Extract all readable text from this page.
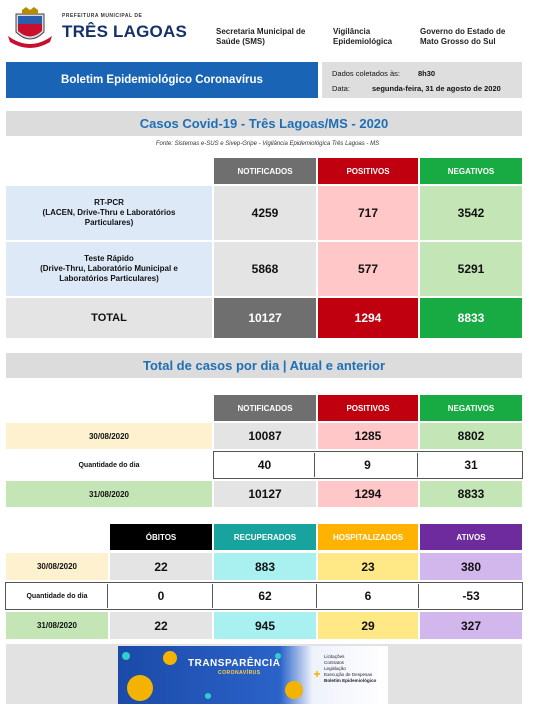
PREFEITURA MUNICIPAL DE
TRÊS LAGOAS	Secretaria Municipal de
Saúde (SMS)
Vigilância
Epidemiológica
Governo do Estado de
Mato Grosso do Sul
Boletim Epidemiológico Coronavírus
Dados coletados às: 8h30
Data:	segunda-feira, 31 de agosto de 2020
Casos Covid-19 - Três Lagoas/MS - 2020
Fonte: Sistemas e-SUS e Sivep-Gripe - Vigilância Epidemiológica Três Lagoas - MS
NOTIFICADOS	POSITIVOS	NEGATIVOS
RT-PCR
(LACEN, Drive-Thru e Laboratórios
Particulares)
4259	717	3542
Teste Rápido
(Drive-Thru, Laboratório Municipal e
Laboratórios Particulares)
5868	577	5291
TOTAL	10127	1294	8833
Total de casos por dia | Atual e anterior
NOTIFICADOS	POSITIVOS	NEGATIVOS
30/08/2020	10087	1285	8802
Quantidade do dia	40	9	31
31/08/2020	10127	1294	8833
ÓBITOS	RECUPERADOS	HOSPITALIZADOS	ATIVOS
30/08/2020	22	883	23	380
Quantidade do dia	0	62	6	-53
31/08/2020	22	945	29	327
TRANSPARÊNCIA
CORONAVÍRUS
Licitações
Contratos
Legislação
Execução de Despesas
Boletim Epidemiológico
